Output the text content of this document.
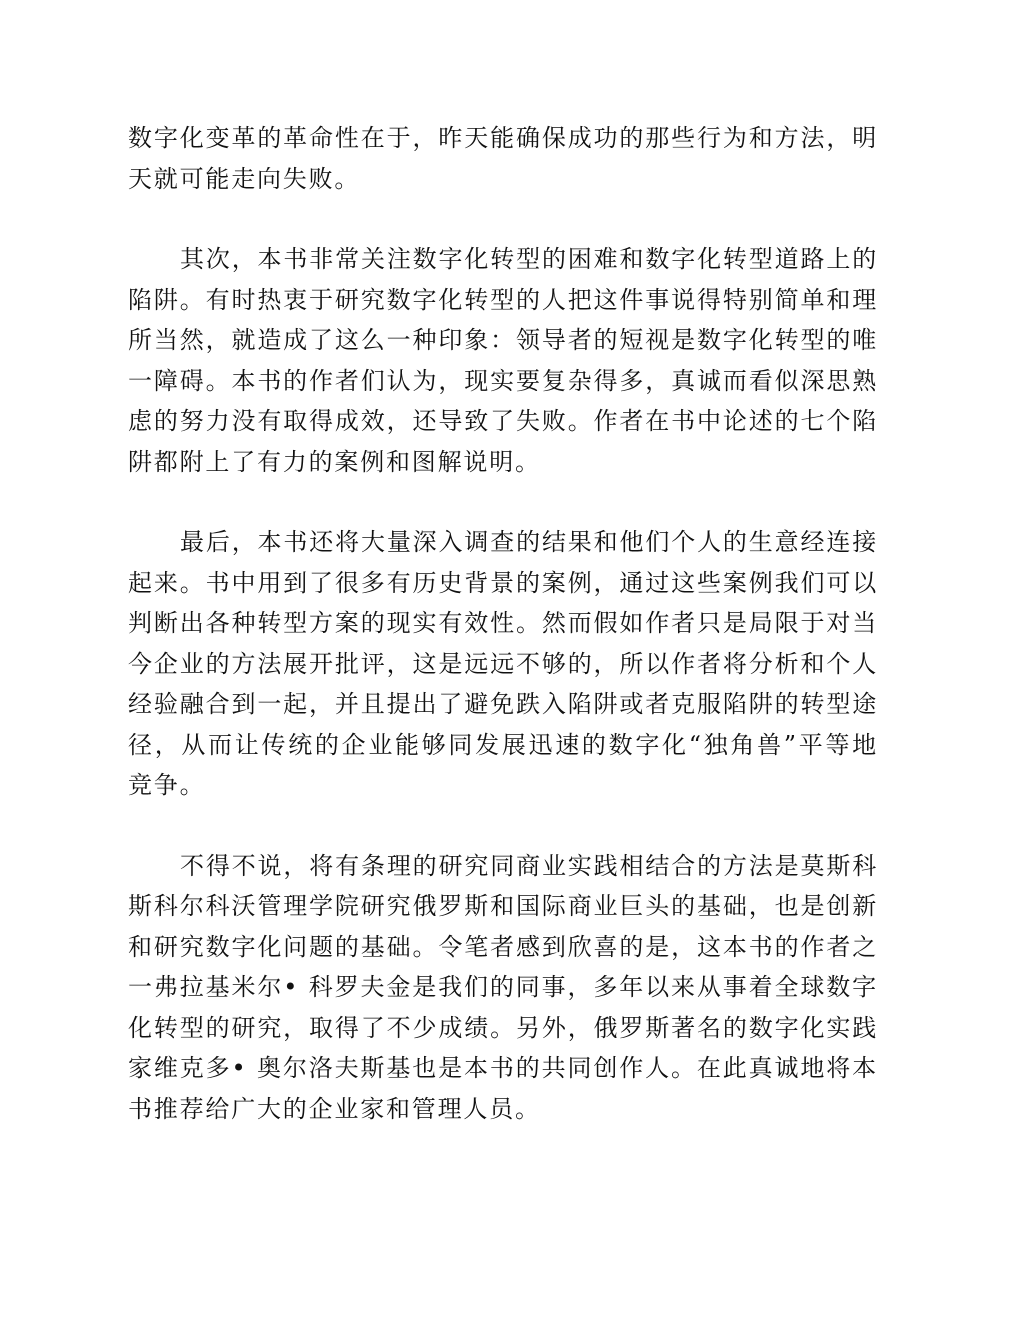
数字化变革的革命性在于，昨天能确保成功的那些行为和方法，明天就可能走向失败。

其次，本书非常关注数字化转型的困难和数字化转型道路上的陷阱。有时热衷于研究数字化转型的人把这件事说得特别简单和理所当然，就造成了这么一种印象：领导者的短视是数字化转型的唯一障碍。本书的作者们认为，现实要复杂得多，真诚而看似深思熟虑的努力没有取得成效，还导致了失败。作者在书中论述的七个陷阱都附上了有力的案例和图解说明。

最后，本书还将大量深入调查的结果和他们个人的生意经连接起来。书中用到了很多有历史背景的案例，通过这些案例我们可以判断出各种转型方案的现实有效性。然而假如作者只是局限于对当今企业的方法展开批评，这是远远不够的，所以作者将分析和个人经验融合到一起，并且提出了避免跌入陷阱或者克服陷阱的转型途径，从而让传统的企业能够同发展迅速的数字化“独角兽”平等地竞争。

不得不说，将有条理的研究同商业实践相结合的方法是莫斯科斯科尔科沃管理学院研究俄罗斯和国际商业巨头的基础，也是创新和研究数字化问题的基础。令笔者感到欣喜的是，这本书的作者之一弗拉基米尔• 科罗夫金是我们的同事，多年以来从事着全球数字化转型的研究，取得了不少成绩。另外，俄罗斯著名的数字化实践家维克多• 奥尔洛夫斯基也是本书的共同创作人。在此真诚地将本书推荐给广大的企业家和管理人员。
